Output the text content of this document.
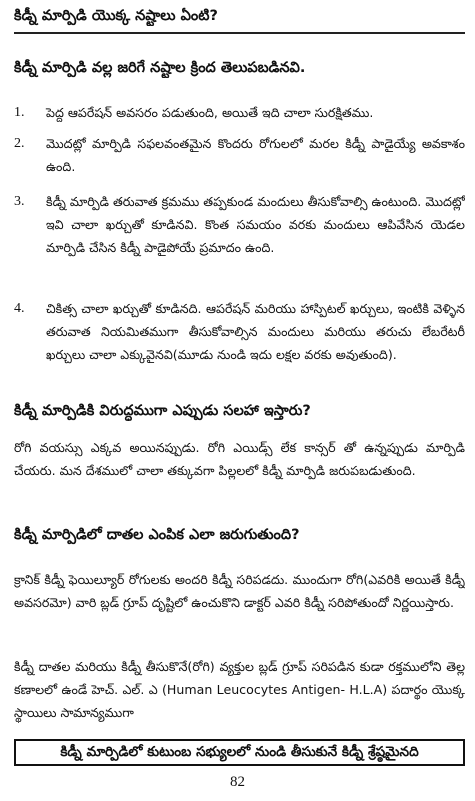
కిడ్నీ మార్పిడి యొక్క నష్టాలు ఏంటి?
కిడ్నీ మార్పిడి వల్ల జరిగే నష్టాల క్రింద తెలుపబడినవి.
1.	పెద్ద ఆపరేషన్ అవసరం పడుతుంది, అయితే ఇది చాలా సురక్షితము.
2.	మొదట్లో మార్పిడి సఫలవంతమైన కొందరు రోగులలో మరల కిడ్నీ పాడైయ్యే అవకాశం ఉంది.
3.	కిడ్నీ మార్పిడి తరువాత క్రమము తప్పకుండ మందులు తీసుకోవాల్సి ఉంటుంది. మొదట్లో ఇవి చాలా ఖర్చుతో కూడినవి. కొంత సమయం వరకు మందులు ఆపివేసిన యెడల మార్పిడి చేసిన కిడ్నీ పాడైపోయే ప్రమాదం ఉంది.
4.	చికిత్స చాలా ఖర్చుతో కూడినది. ఆపరేషన్ మరియు హాస్పిటల్ ఖర్చులు, ఇంటికి వెళ్ళిన తరువాత నియమితముగా తీసుకోవాల్సిన మందులు మరియు తరుచు లేబరేటరీ ఖర్చులు చాలా ఎక్కువైనవి(మూడు నుండి ఇదు లక్షల వరకు అవుతుంది).
కిడ్నీ మార్పిడికి విరుద్ధముగా ఎప్పుడు సలహా ఇస్తారు?
రోగి వయస్సు ఎక్కవ అయినప్పుడు. రోగి ఎయిడ్స్ లేక కాన్సర్ తో ఉన్నప్పుడు మార్పిడి చేయరు. మన దేశములో చాలా తక్కువగా పిల్లలలో కిడ్నీ మార్పిడి జరుపబడుతుంది.
కిడ్నీ మార్పిడిలో దాతల ఎంపిక ఎలా జరుగుతుంది?
క్రానిక్ కిడ్నీ ఫెయిల్యూర్ రోగులకు అందరి కిడ్నీ సరిపడదు. ముందుగా రోగి(ఎవరికి అయితే కిడ్నీ అవసరమో) వారి బ్లడ్ గ్రూప్ దృష్టిలో ఉంచుకొని డాక్టర్ ఎవరి కిడ్నీ సరిపోతుందో నిర్ణయిస్తారు.
కిడ్నీ దాతల మరియు కిడ్నీ తీసుకొనే(రోగి) వ్యక్తుల బ్లడ్ గ్రూప్ సరిపడిన కుడా రక్తములోని తెల్ల కణాలలో ఉండే హెచ్. ఎల్. ఎ (Human Leucocytes Antigen- H.L.A) పదార్థం యొక్క స్థాయిలు సామాన్యముగా
కిడ్నీ మార్పిడిలో కుటుంబ సభ్యులలో నుండి తీసుకునే కిడ్నీ శ్రేష్ఠమైనది
82
